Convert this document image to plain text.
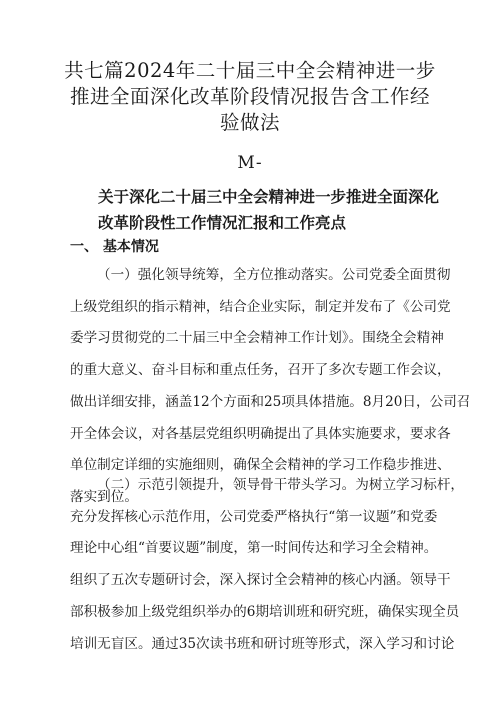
共七篇2024年二十届三中全会精神进一步
推进全面深化改革阶段情况报告含工作经
验做法
M-
关于深化二十届三中全会精神进一步推进全面深化
改革阶段性工作情况汇报和工作亮点
一、 基本情况

（一）强化领导统筹，全方位推动落实。公司党委全面贯彻
上级党组织的指示精神，结合企业实际，制定并发布了《公司党
委学习贯彻党的二十届三中全会精神工作计划》。围绕全会精神
的重大意义、奋斗目标和重点任务，召开了多次专题工作会议，
做出详细安排，涵盖12个方面和25项具体措施。8月20日，公司召
开全体会议，对各基层党组织明确提出了具体实施要求，要求各
单位制定详细的实施细则，确保全会精神的学习工作稳步推进、
落实到位。

（二）示范引领提升，领导骨干带头学习。为树立学习标杆，
充分发挥核心示范作用，公司党委严格执行“第一议题”和党委
理论中心组“首要议题”制度，第一时间传达和学习全会精神。
组织了五次专题研讨会，深入探讨全会精神的核心内涵。领导干
部积极参加上级党组织举办的6期培训班和研究班，确保实现全员
培训无盲区。通过35次读书班和研讨班等形式，深入学习和讨论
